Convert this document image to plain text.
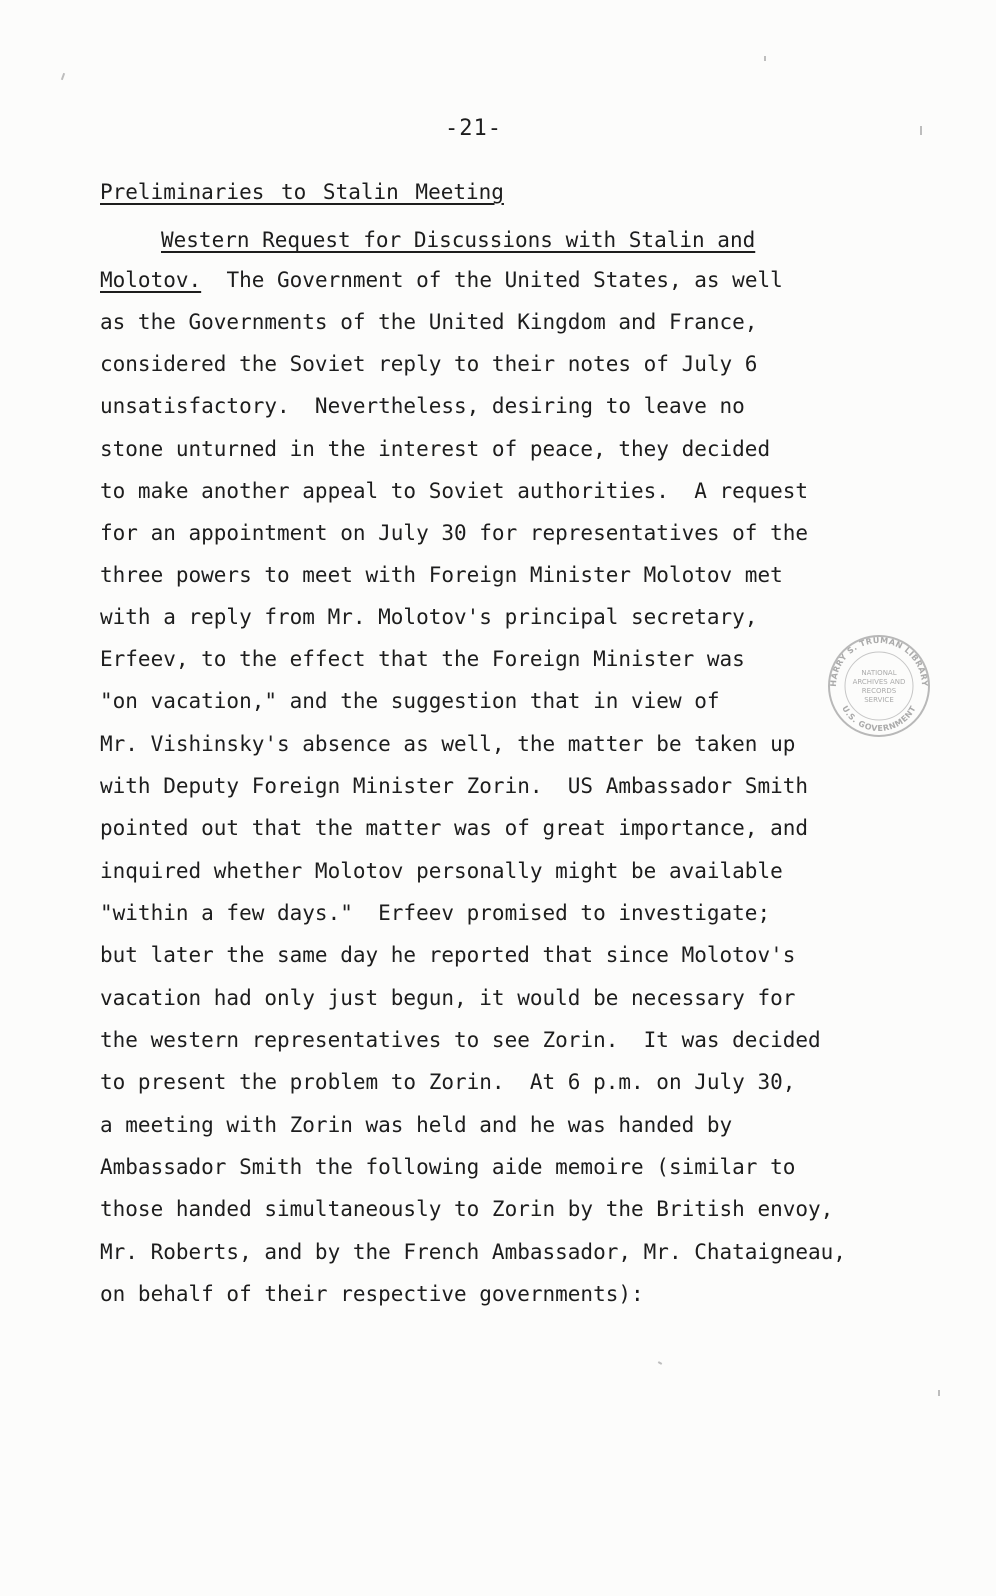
-21-

Preliminaries to Stalin Meeting

Western Request for Discussions with Stalin and

Molotov. The Government of the United States, as well

as the Governments of the United Kingdom and France,

considered the Soviet reply to their notes of July 6

unsatisfactory.  Nevertheless, desiring to leave no

stone unturned in the interest of peace, they decided

to make another appeal to Soviet authorities.  A request

for an appointment on July 30 for representatives of the

three powers to meet with Foreign Minister Molotov met

with a reply from Mr. Molotov's principal secretary,

Erfeev, to the effect that the Foreign Minister was

"on vacation," and the suggestion that in view of

Mr. Vishinsky's absence as well, the matter be taken up

with Deputy Foreign Minister Zorin.  US Ambassador Smith

pointed out that the matter was of great importance, and

inquired whether Molotov personally might be available

"within a few days."  Erfeev promised to investigate;

but later the same day he reported that since Molotov's

vacation had only just begun, it would be necessary for

the western representatives to see Zorin.  It was decided

to present the problem to Zorin.  At 6 p.m. on July 30,

a meeting with Zorin was held and he was handed by

Ambassador Smith the following aide memoire (similar to

those handed simultaneously to Zorin by the British envoy,

Mr. Roberts, and by the French Ambassador, Mr. Chataigneau,

on behalf of their respective governments):

HARRY S. TRUMAN LIBRARY
U.S. GOVERNMENT
NATIONAL
ARCHIVES AND
RECORDS
SERVICE
